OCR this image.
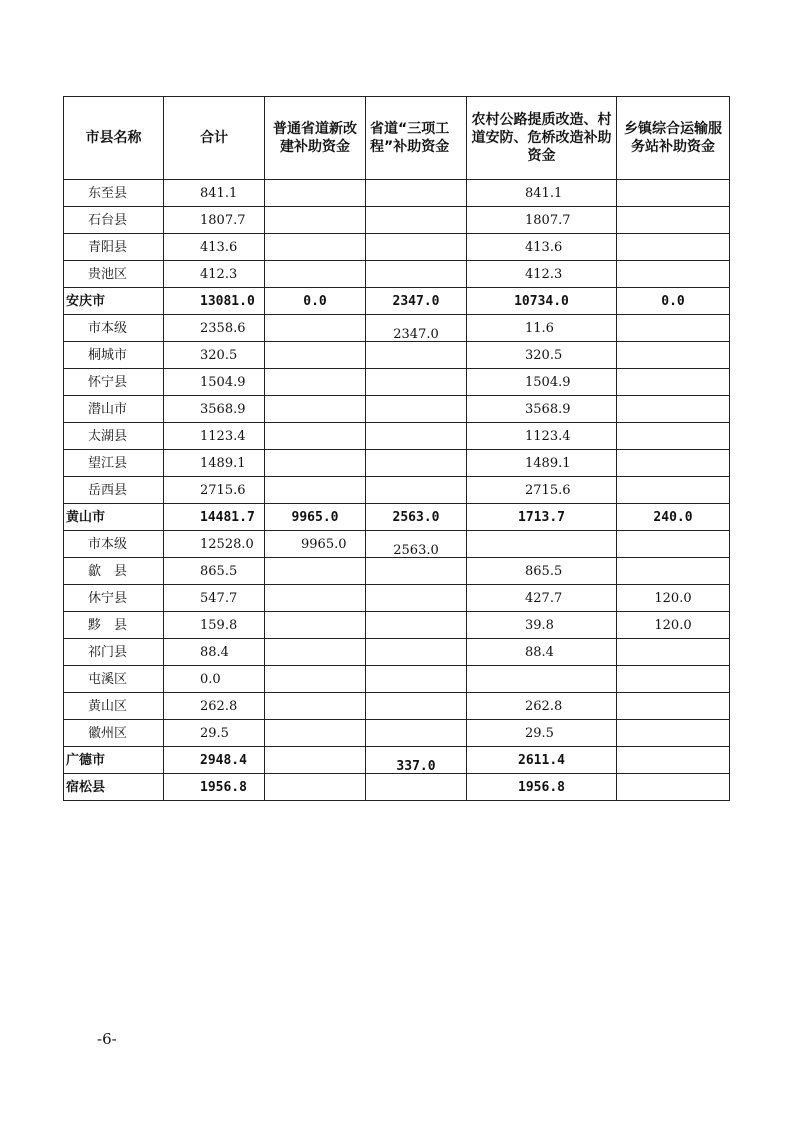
市县名称	合计	普通省道新改建补助资金	省道“三项工程”补助资金	农村公路提质改造、村道安防、危桥改造补助资金	乡镇综合运输服务站补助资金
东至县	841.1			841.1	
石台县	1807.7			1807.7	
青阳县	413.6			413.6	
贵池区	412.3			412.3	
安庆市	13081.0	0.0	2347.0	10734.0	0.0
市本级	2358.6		2347.0	11.6	
桐城市	320.5			320.5	
怀宁县	1504.9			1504.9	
潜山市	3568.9			3568.9	
太湖县	1123.4			1123.4	
望江县	1489.1			1489.1	
岳西县	2715.6			2715.6	
黄山市	14481.7	9965.0	2563.0	1713.7	240.0
市本级	12528.0	9965.0	2563.0		
歙　县	865.5			865.5	
休宁县	547.7			427.7	120.0
黟　县	159.8			39.8	120.0
祁门县	88.4			88.4	
屯溪区	0.0				
黄山区	262.8			262.8	
徽州区	29.5			29.5	
广德市	2948.4		337.0	2611.4	
宿松县	1956.8			1956.8	
-6-
